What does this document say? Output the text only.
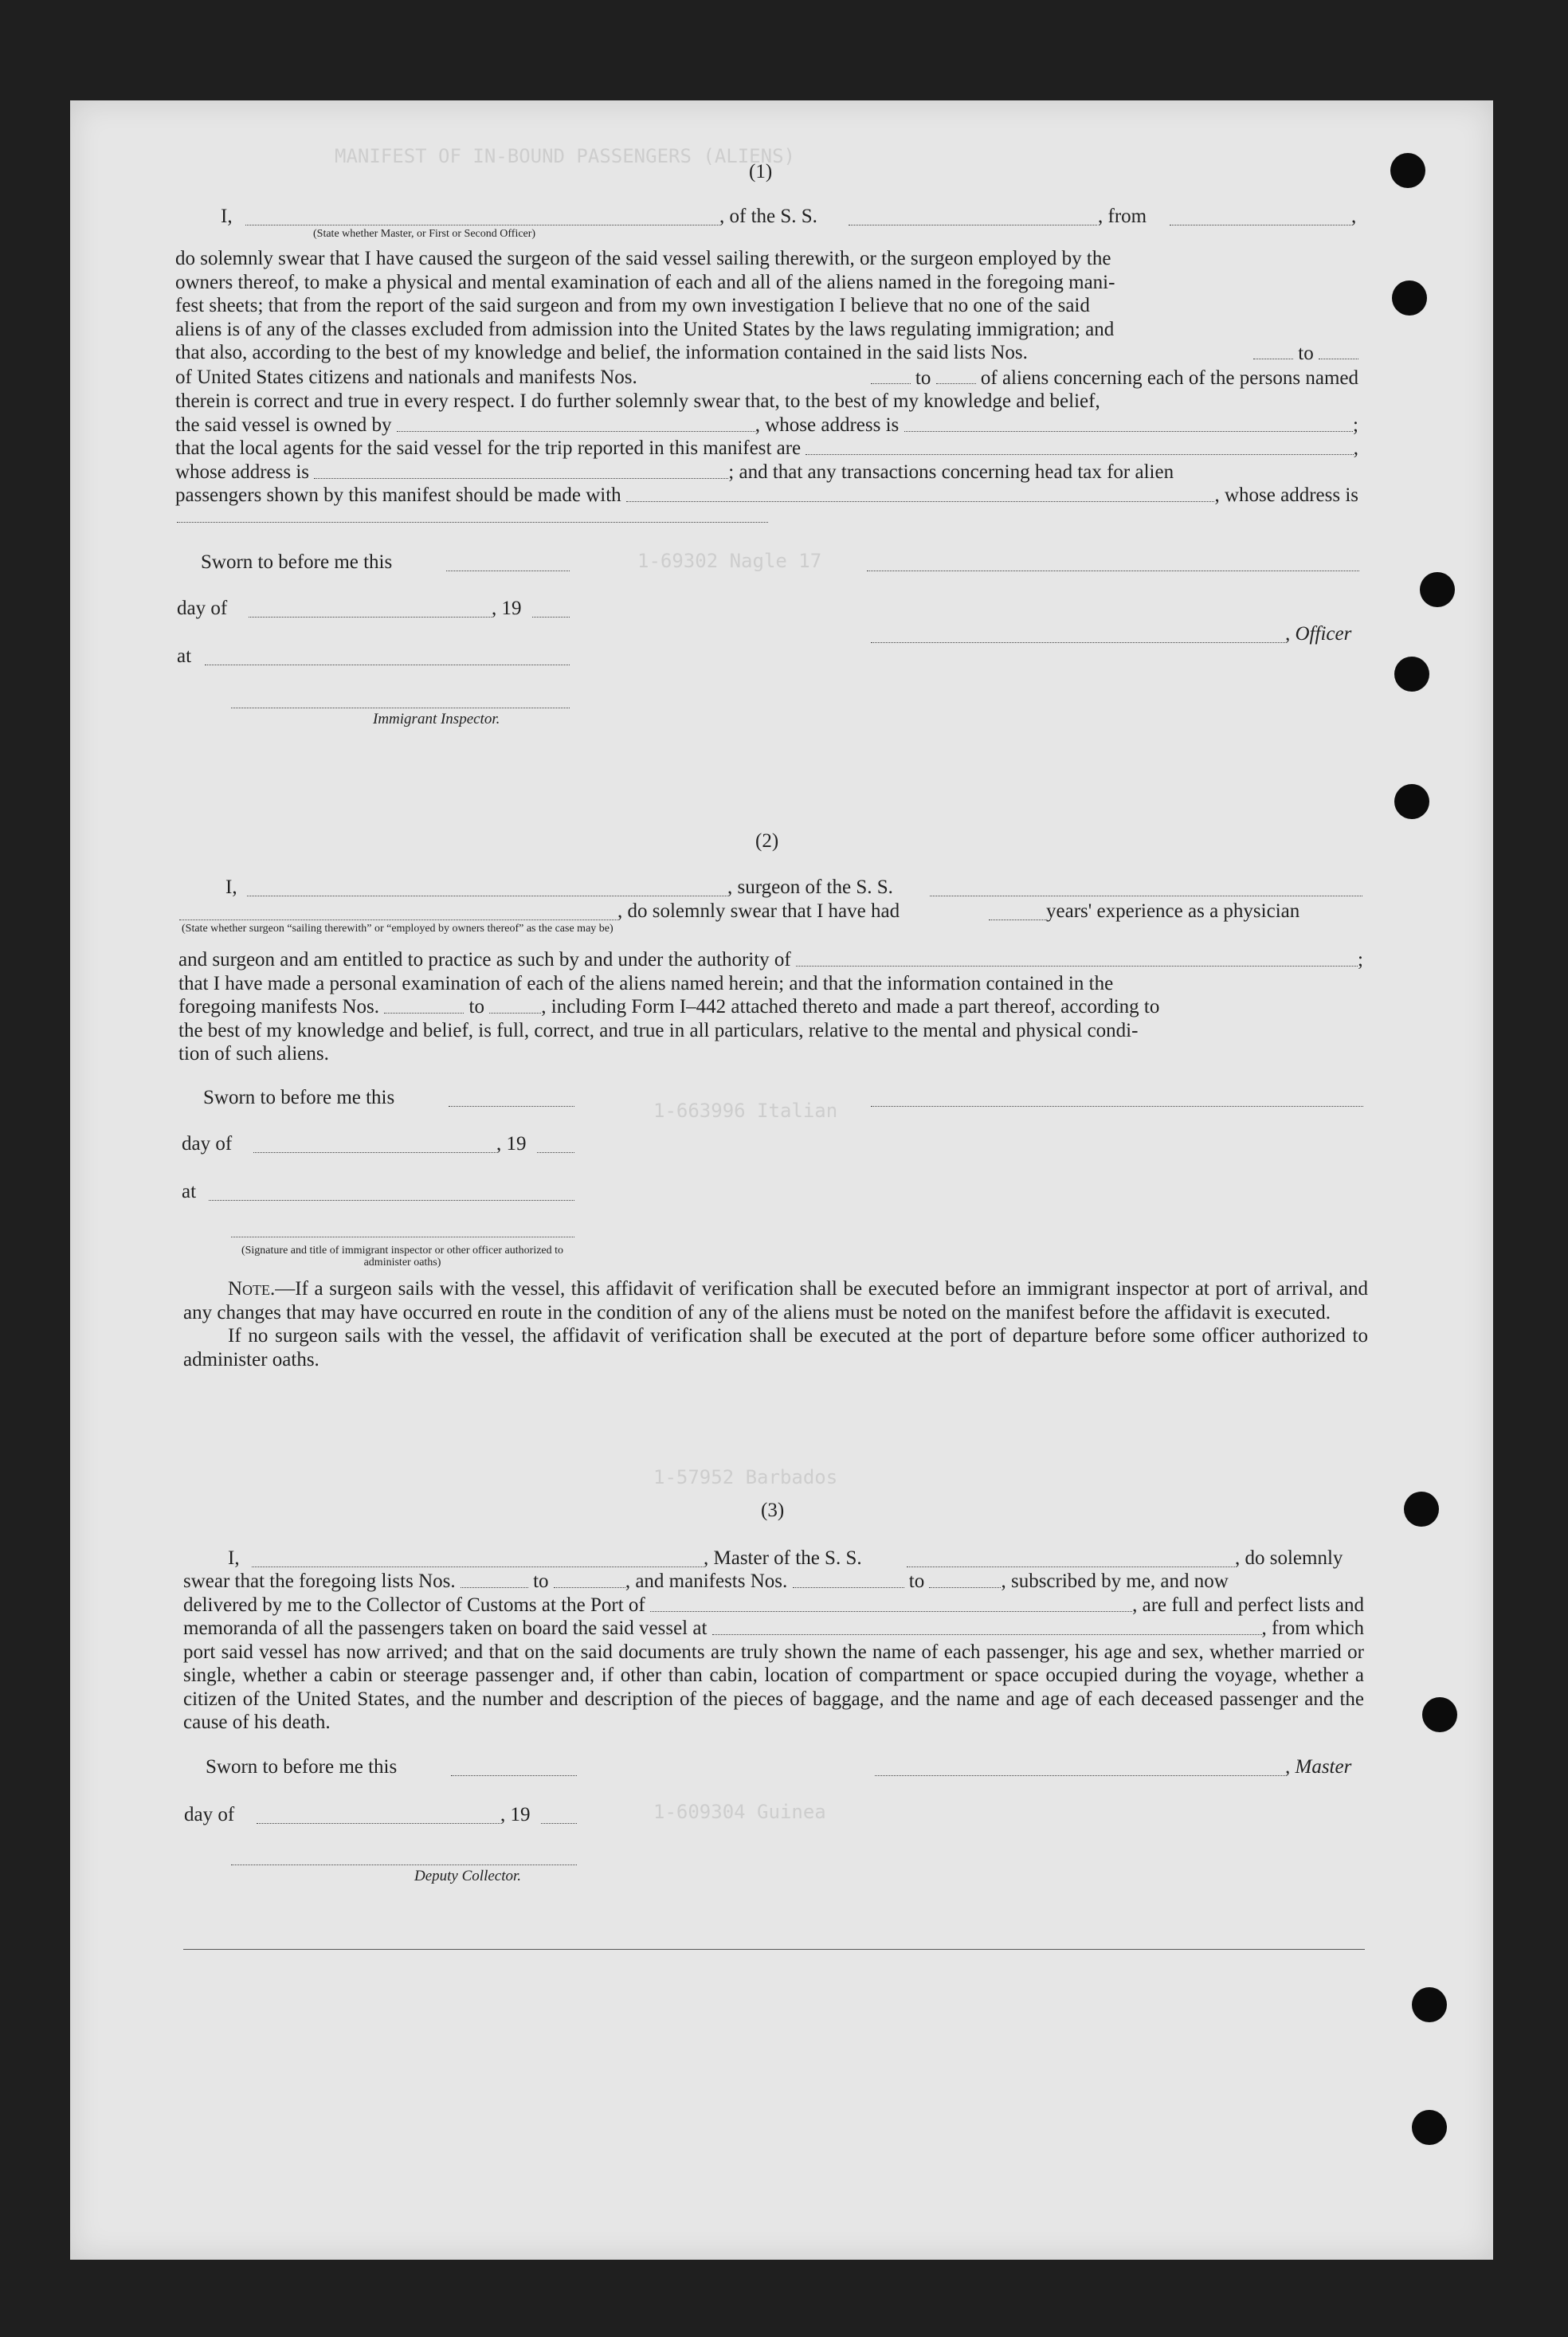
MANIFEST OF IN-BOUND PASSENGERS (ALIENS)
1-69302 Nagle 17
1-663996 Italian
1-57952 Barbados
1-609304 Guinea
(1)
I,
(State whether Master, or First or Second Officer)
, of the S. S.	, from	,
do solemnly swear that I have caused the surgeon of the said vessel sailing therewith, or the surgeon employed by the
owners thereof, to make a physical and mental examination of each and all of the aliens named in the foregoing mani-
fest sheets; that from the report of the said surgeon and from my own investigation I believe that no one of the said
aliens is of any of the classes excluded from admission into the United States by the laws regulating immigration; and
that also, according to the best of my knowledge and belief, the information contained in the said lists Nos.	to
of United States citizens and nationals and manifests Nos.	to	of aliens concerning each of the persons named
therein is correct and true in every respect. I do further solemnly swear that, to the best of my knowledge and belief,
the said vessel is owned by
	, whose address is
	;
that the local agents for the said vessel for the trip reported in this manifest are
	,
whose address is
	; and that any transactions concerning head tax for alien
passengers shown by this manifest should be made with
	, whose address is
Sworn to before me this
day of	, 19
, Officer
at
Immigrant Inspector.
(2)
I,	, surgeon of the S. S.
, do solemnly swear that I have had	years' experience as a physician
(State whether surgeon “sailing therewith” or “employed by owners thereof” as the case may be)
and surgeon and am entitled to practice as such by and under the authority of
	;
that I have made a personal examination of each of the aliens named herein; and that the information contained in the
foregoing manifests Nos.

	to
	, including Form I–442 attached thereto and made a part thereof, according to
the best of my knowledge and belief, is full, correct, and true in all particulars, relative to the mental and physical condi-
tion of such aliens.
Sworn to before me this
day of	, 19
at
(Signature and title of immigrant inspector or other officer authorized to administer oaths)
Note.—If a surgeon sails with the vessel, this affidavit of verification shall be executed before an immigrant inspector at port of arrival, and any changes that may have occurred en route in the condition of any of the aliens must be noted on the manifest before the affidavit is executed.
If no surgeon sails with the vessel, the affidavit of verification shall be executed at the port of departure before some officer authorized to administer oaths.
(3)
I,	, Master of the S. S.	, do solemnly
swear that the foregoing lists Nos.

	to
	, and manifests Nos.

	to
	, subscribed by me, and now
delivered by me to the Collector of Customs at the Port of
	, are full and perfect lists and
memoranda of all the passengers taken on board the said vessel at
	, from which
port said vessel has now arrived; and that on the said documents are truly shown the name of each passenger, his age and sex, whether married or single, whether a cabin or steerage passenger and, if other than cabin, location of compartment or space occupied during the voyage, whether a citizen of the United States, and the number and description of the pieces of baggage, and the name and age of each deceased passenger and the cause of his death.
Sworn to before me this	, Master
day of	, 19
Deputy Collector.
